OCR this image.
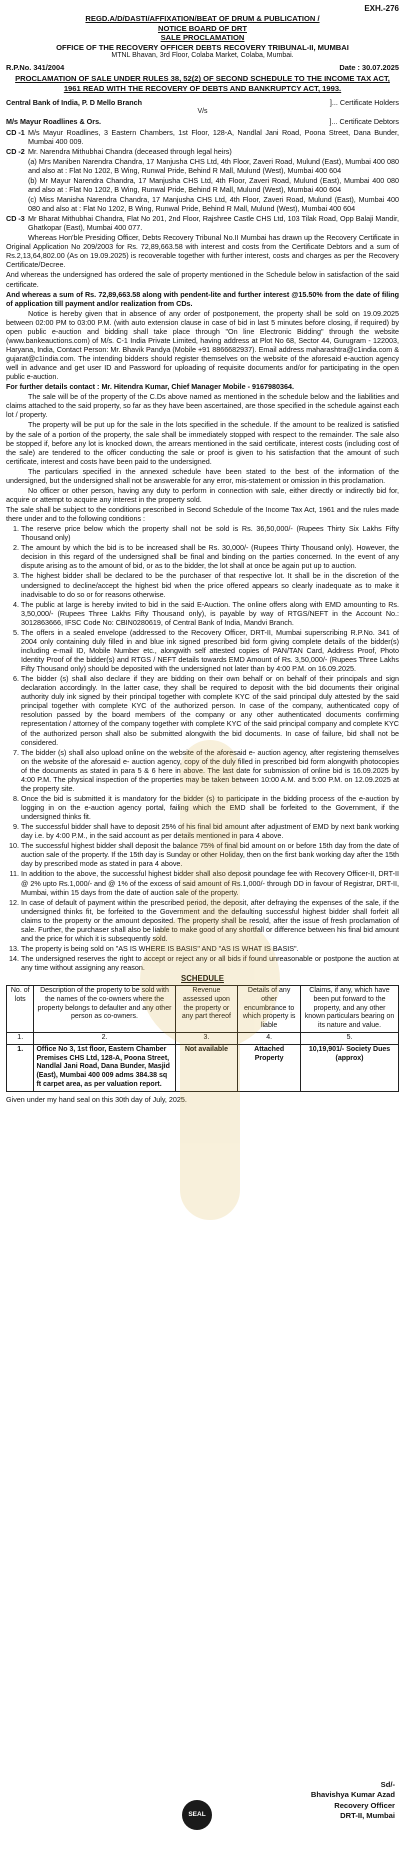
EXH.-276
REGD.A/D/DASTI/AFFIXATION/BEAT OF DRUM & PUBLICATION /
NOTICE BOARD OF DRT
SALE PROCLAMATION
OFFICE OF THE RECOVERY OFFICER DEBTS RECOVERY TRIBUNAL-II, MUMBAI
MTNL Bhavan, 3rd Floor, Colaba Market, Colaba, Mumbai.
R.P.No. 341/2004	Date : 30.07.2025
PROCLAMATION OF SALE UNDER RULES 38, 52(2) OF SECOND SCHEDULE TO THE INCOME TAX ACT, 1961 READ WITH THE RECOVERY OF DEBTS AND BANKRUPTCY ACT, 1993.
Central Bank of India, P. D Mello Branch	]... Certificate Holders
V/s
M/s Mayur Roadlines & Ors.	]... Certificate Debtors
CD -1 M/s Mayur Roadlines, 3 Eastern Chambers, 1st Floor, 128-A, Nandlal Jani Road, Poona Street, Dana Bunder, Mumbai 400 009.
CD -2 Mr. Narendra Mithubhai Chandra (deceased through legal heirs)
(a) Mrs Maniben Narendra Chandra, 17 Manjusha CHS Ltd, 4th Floor, Zaveri Road, Mulund (East), Mumbai 400 080 and also at : Flat No 1202, B Wing, Runwal Pride, Behind R Mall, Mulund (West), Mumbai 400 604
(b) Mr Mayur Narendra Chandra, 17 Manjusha CHS Ltd, 4th Floor, Zaveri Road, Mulund (East), Mumbai 400 080 and also at : Flat No 1202, B Wing, Runwal Pride, Behind R Mall, Mulund (West), Mumbai 400 604
(c) Miss Manisha Narendra Chandra, 17 Manjusha CHS Ltd, 4th Floor, Zaveri Road, Mulund (East), Mumbai 400 080 and also at : Flat No 1202, B Wing, Runwal Pride, Behind R Mall, Mulund (West), Mumbai 400 604
CD -3 Mr Bharat Mithubhai Chandra, Flat No 201, 2nd Floor, Rajshree Castle CHS Ltd, 103 Tilak Road, Opp Balaji Mandir, Ghatkopar (East), Mumbai 400 077.

Whereas Hon'ble Presiding Officer, Debts Recovery Tribunal No.II Mumbai has drawn up the Recovery Certificate in Original Application No 209/2003 for Rs. 72,89,663.58 with interest and costs from the Certificate Debtors and a sum of Rs.2,13,64,802.00 (As on 19.09.2025) is recoverable together with further interest, costs and charges as per the Recovery Certificate/Decree.

And whereas the undersigned has ordered the sale of property mentioned in the Schedule below in satisfaction of the said certificate.

And whereas a sum of Rs. 72,89,663.58 along with pendent-lite and further interest @15.50% from the date of filing of application till payment and/or realization from CDs.

Notice is hereby given that in absence of any order of postponement, the property shall be sold on 19.09.2025 between 02:00 PM to 03:00 P.M. (with auto extension clause in case of bid in last 5 minutes before closing, if required) by open public e-auction and bidding shall take place through "On line Electronic Bidding" through the website (www.bankeauctions.com) of M/s. C-1 India Private Limited, having address at Plot No 68, Sector 44, Gurugram - 122003, Haryana, India, Contact Person: Mr. Bhavik Pandya (Mobile +91 8866682937). Email address maharashtra@c1india.com & gujarat@c1india.com. The intending bidders should register themselves on the website of the aforesaid e-auction agency well in advance and get user ID and Password for uploading of requisite documents and/or for participating in the open public e-auction.

For further details contact : Mr. Hitendra Kumar, Chief Manager Mobile - 9167980364.

The sale will be of the property of the C.Ds above named as mentioned in the schedule below and the liabilities and claims attached to the said property, so far as they have been ascertained, are those specified in the schedule against each lot / property.

The property will be put up for the sale in the lots specified in the schedule. If the amount to be realized is satisfied by the sale of a portion of the property, the sale shall be immediately stopped with respect to the remainder. The sale also be stopped if, before any lot is knocked down, the arrears mentioned in the said certificate, interest costs (including cost of the sale) are tendered to the officer conducting the sale or proof is given to his satisfaction that the amount of such certificate, interest and costs have been paid to the undersigned.

The particulars specified in the annexed schedule have been stated to the best of the information of the undersigned, but the undersigned shall not be answerable for any error, mis-statement or omission in this proclamation.

No officer or other person, having any duty to perform in connection with sale, either directly or indirectly bid for, acquire or attempt to acquire any interest in the property sold.

The sale shall be subject to the conditions prescribed in Second Schedule of the Income Tax Act, 1961 and the rules made there under and to the following conditions :

1. The reserve price below which the property shall not be sold is Rs. 36,50,000/- (Rupees Thirty Six Lakhs Fifty Thousand only)
2. The amount by which the bid is to be increased shall be Rs. 30,000/- (Rupees Thirty Thousand only). However, the decision in this regard of the undersigned shall be final and binding on the parties concerned. In the event of any dispute arising as to the amount of bid, or as to the bidder, the lot shall at once be again put up to auction.
3. The highest bidder shall be declared to be the purchaser of that respective lot. It shall be in the discretion of the undersigned to decline/accept the highest bid when the price offered appears so clearly inadequate as to make it inadvisable to do so or for reasons otherwise.
4. The public at large is hereby invited to bid in the said E-Auction. The online offers along with EMD amounting to Rs. 3,50,000/- (Rupees Three Lakhs Fifty Thousand only), is payable by way of RTGS/NEFT in the Account No.: 3012863666, IFSC Code No: CBIN0280619, of Central Bank of India, Mandvi Branch.
5. The offers in a sealed envelope (addressed to the Recovery Officer, DRT-II, Mumbai superscribing R.P.No. 341 of 2004 only containing duly filled in and blue ink signed prescribed bid form giving complete details of the bidder(s) including e-mail ID, Mobile Number etc., alongwith self attested copies of PAN/TAN Card, Address Proof, Photo Identity Proof of the bidder(s) and RTGS / NEFT details towards EMD Amount of Rs. 3,50,000/- (Rupees Three Lakhs Fifty Thousand only) should be deposited with the undersigned not later than by 4:00 P.M. on 16.09.2025.
6. The bidder (s) shall also declare if they are bidding on their own behalf or on behalf of their principals and sign declaration accordingly. In the latter case, they shall be required to deposit with the bid documents their original authority duly ink signed by their principal together with complete KYC of the said principal duly attested by the said principal together with complete KYC of the authorized person. In case of the company, authenticated copy of resolution passed by the board members of the company or any other authenticated documents confirming representation / attorney of the company together with complete KYC of the said principal company and complete KYC of the authorized person shall also be submitted alongwith the bid documents. In case of failure, bid shall not be considered.
7. The bidder (s) shall also upload online on the website of the aforesaid e- auction agency, after registering themselves on the website of the aforesaid e- auction agency, copy of the duly filled in prescribed bid form alongwith photocopies of the documents as stated in para 5 & 6 here in above. The last date for submission of online bid is 16.09.2025 by 4:00 P.M. The physical inspection of the properties may be taken between 10:00 A.M. and 5:00 P.M. on 12.09.2025 at the property site.
8. Once the bid is submitted it is mandatory for the bidder (s) to participate in the bidding process of the e-auction by logging in on the e-auction agency portal, failing which the EMD shall be forfeited to the Government, if the undersigned thinks fit.
9. The successful bidder shall have to deposit 25% of his final bid amount after adjustment of EMD by next bank working day i.e. by 4:00 P.M., in the said account as per details mentioned in para 4 above.
10. The successful highest bidder shall deposit the balance 75% of final bid amount on or before 15th day from the date of auction sale of the property. If the 15th day is Sunday or other Holiday, then on the first bank working day after the 15th day by prescribed mode as stated in para 4 above.
11. In addition to the above, the successful highest bidder shall also deposit poundage fee with Recovery Officer-II, DRT-II @ 2% upto Rs.1,000/- and @ 1% of the excess of said amount of Rs.1,000/- through DD in favour of Registrar, DRT-II, Mumbai, within 15 days from the date of auction sale of the property.
12. In case of default of payment within the prescribed period, the deposit, after defraying the expenses of the sale, if the undersigned thinks fit, be forfeited to the Government and the defaulting successful highest bidder shall forfeit all claims to the property or the amount deposited. The property shall be resold, after the issue of fresh proclamation of sale. Further, the purchaser shall also be liable to make good of any shortfall or difference between his final bid amount and the price for which it is subsequently sold.
13. The property is being sold on "AS IS WHERE IS BASIS" AND "AS IS WHAT IS BASIS".
14. The undersigned reserves the right to accept or reject any or all bids if found unreasonable or postpone the auction at any time without assigning any reason.
SCHEDULE
No. of lots	Description of the property to be sold with the names of the co-owners where the property belongs to defaulter and any other person as co-owners.	Revenue assessed upon the property or any part thereof	Details of any other encumbrance to which property is liable	Claims, if any, which have been put forward to the property, and any other known particulars bearing on its nature and value.
1.	2.	3.	4.	5.
1.	Office No 3, 1st floor, Eastern Chamber Premises CHS Ltd, 128-A, Poona Street, Nandlal Jani Road, Dana Bunder, Masjid (East), Mumbai 400 009 adms 384.38 sq ft carpet area, as per valuation report.	Not available	Attached Property	10,19,901/- Society Dues (approx)
Given under my hand seal on this 30th day of July, 2025.
SEAL
Sd/-
Bhavishya Kumar Azad
Recovery Officer
DRT-II, Mumbai
